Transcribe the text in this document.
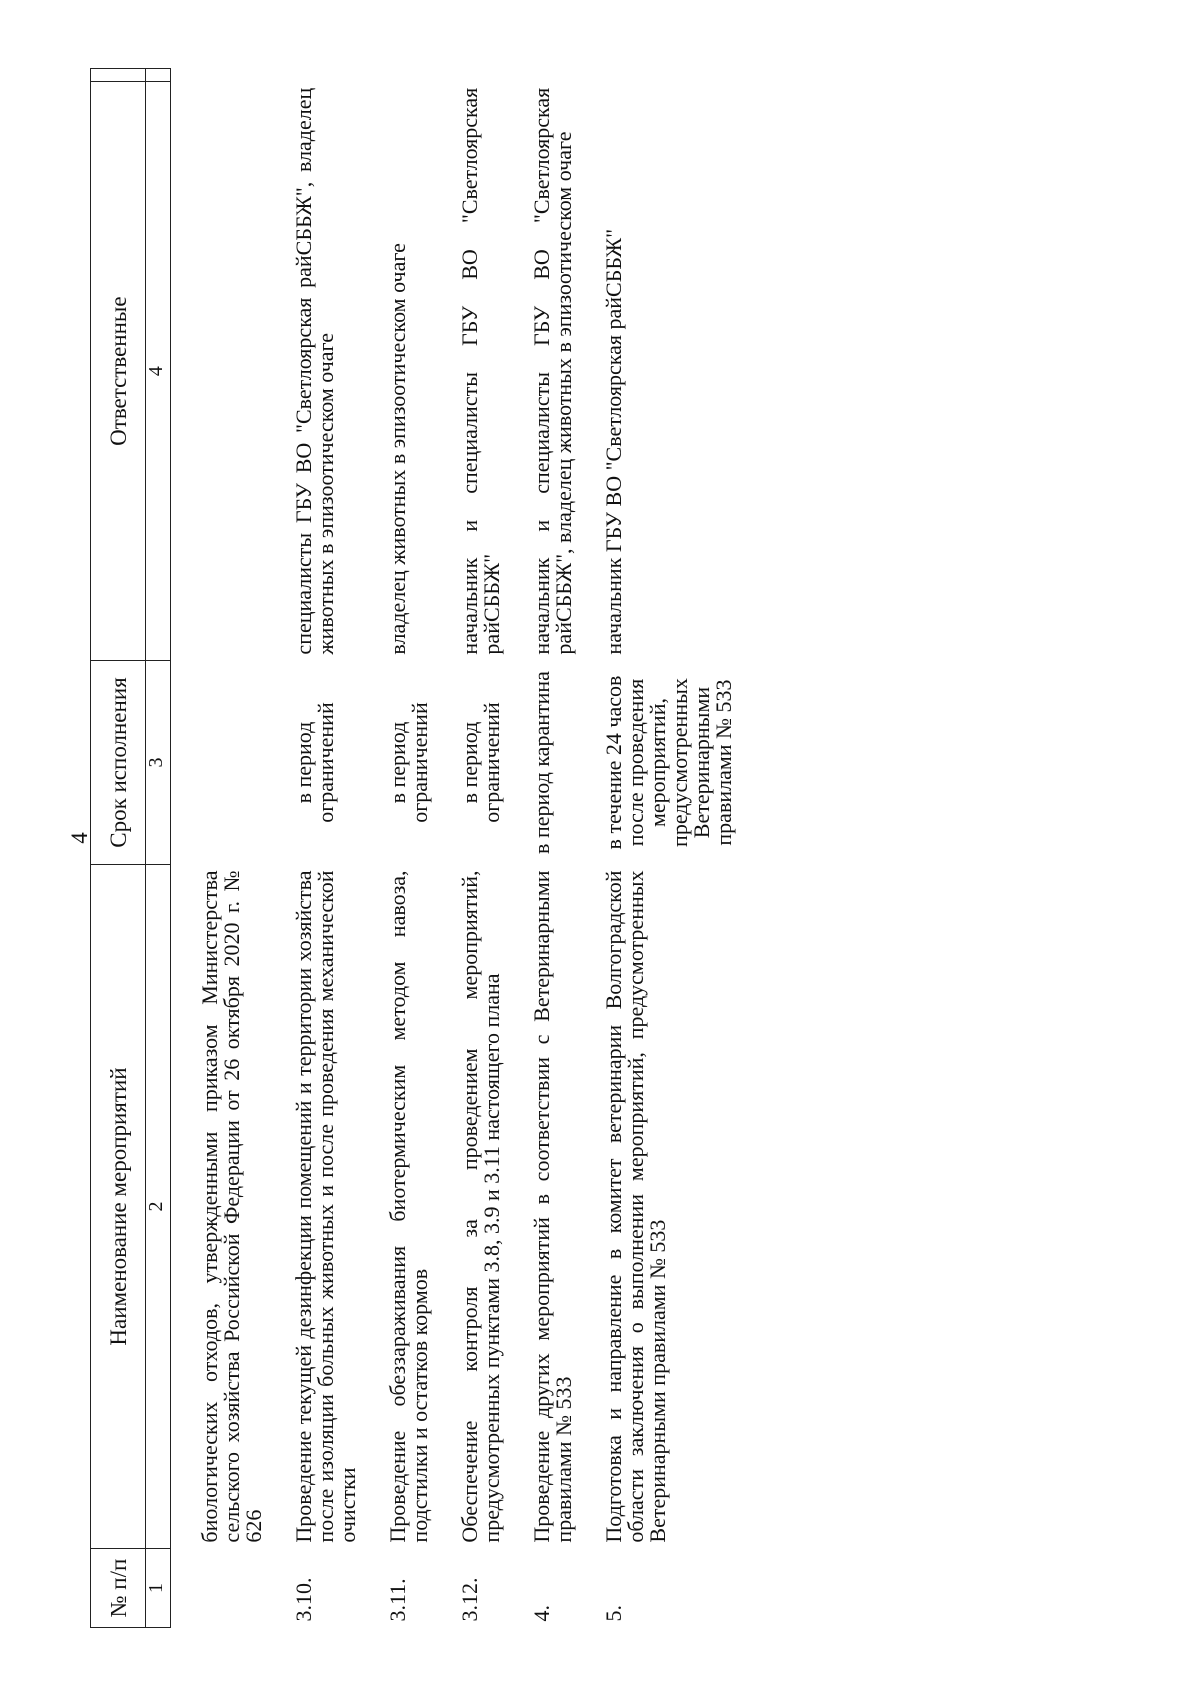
4
№ п/п	Наименование мероприятий	Срок исполнения	Ответственные	
1	2	3	4	
	биологических отходов, утвержденными приказом Министерства сельского хозяйства Российской Федерации от 26 октября 2020 г. № 626			
3.10.	Проведение текущей дезинфекции помещений и территории хозяйства после изоляции больных животных и после проведения механической очистки	в период ограничений	специалисты ГБУ ВО "Светлоярская райСББЖ", владелец животных в эпизоотическом очаге	
3.11.	Проведение обеззараживания биотермическим методом навоза, подстилки и остатков кормов	в период ограничений	владелец животных в эпизоотическом очаге	
3.12.	Обеспечение контроля за проведением мероприятий, предусмотренных пунктами 3.8, 3.9 и 3.11 настоящего плана	в период ограничений	начальник и специалисты ГБУ ВО "Светлоярская райСББЖ"	
4.	Проведение других мероприятий в соответствии с Ветеринарными правилами № 533	в период карантина	начальник и специалисты ГБУ ВО "Светлоярская райСББЖ", владелец животных в эпизоотическом очаге	
5.	Подготовка и направление в комитет ветеринарии Волгоградской области заключения о выполнении мероприятий, предусмотренных Ветеринарными правилами № 533	в течение 24 часов после проведения мероприятий, предусмотренных Ветеринарными правилами № 533	начальник ГБУ ВО "Светлоярская райСББЖ"	
